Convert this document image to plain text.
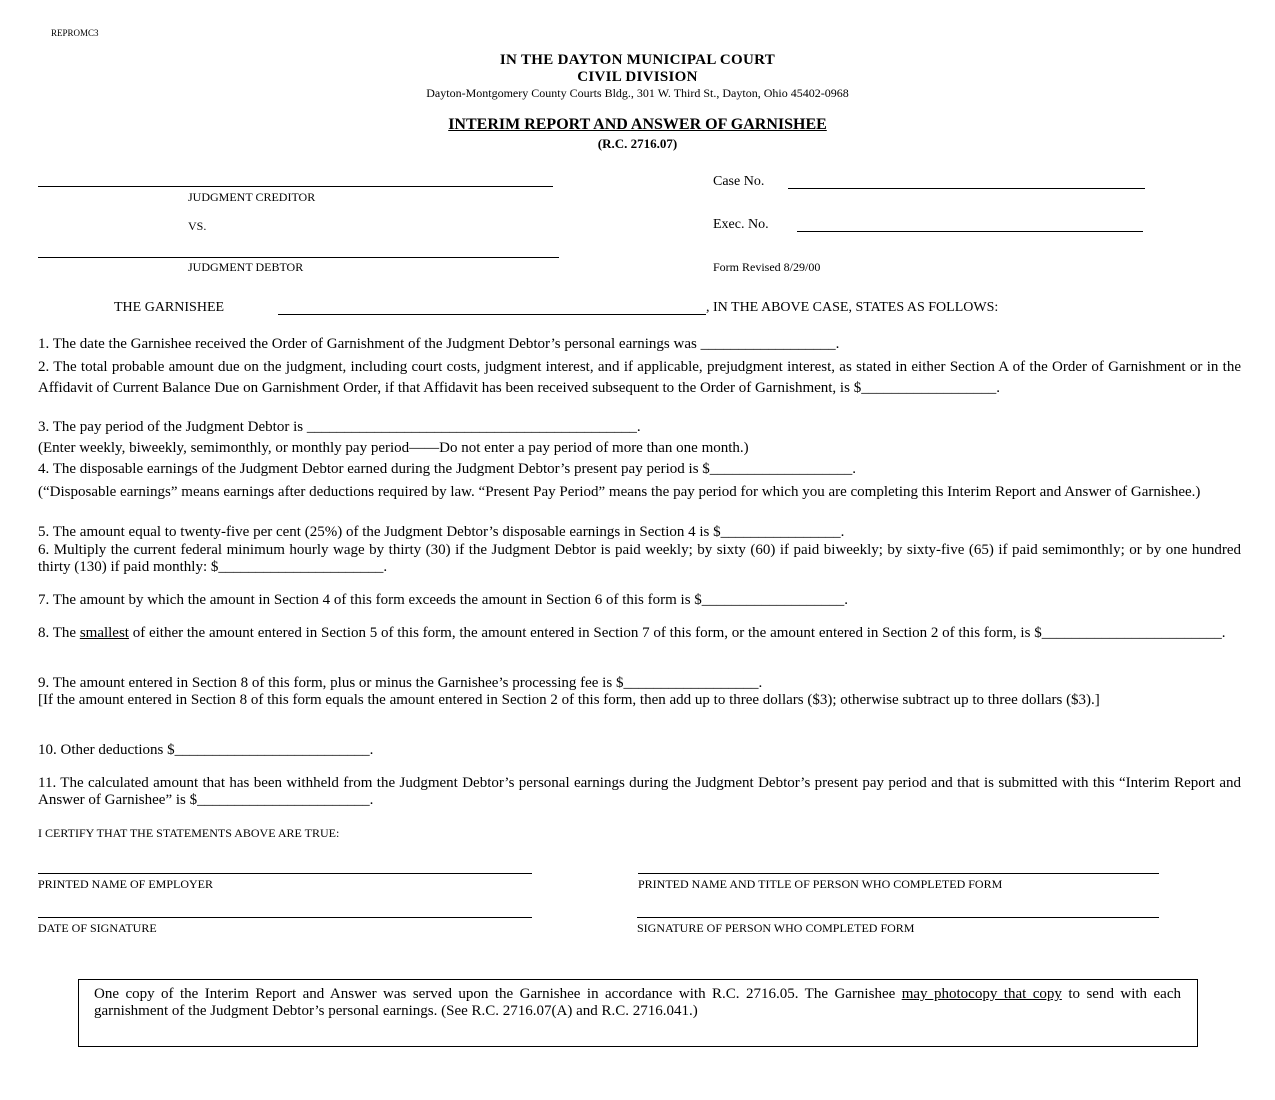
REPROMC3
IN THE DAYTON MUNICIPAL COURT
CIVIL DIVISION
Dayton-Montgomery County Courts Bldg., 301 W. Third St., Dayton, Ohio 45402-0968
INTERIM REPORT AND ANSWER OF GARNISHEE
(R.C. 2716.07)
JUDGMENT CREDITOR
VS.
JUDGMENT DEBTOR
Case No.
Exec. No.
Form Revised 8/29/00
THE GARNISHEE	, IN THE ABOVE CASE, STATES AS FOLLOWS:
1. The date the Garnishee received the Order of Garnishment of the Judgment Debtor’s personal earnings was __________________.
2. The total probable amount due on the judgment, including court costs, judgment interest, and if applicable, prejudgment interest, as stated in either Section A of the Order of Garnishment or in the Affidavit of Current Balance Due on Garnishment Order, if that Affidavit has been received subsequent to the Order of Garnishment, is $__________________.
3. The pay period of the Judgment Debtor is ____________________________________________.
(Enter weekly, biweekly, semimonthly, or monthly pay period——Do not enter a pay period of more than one month.)
4. The disposable earnings of the Judgment Debtor earned during the Judgment Debtor’s present pay period is $___________________.
(“Disposable earnings” means earnings after deductions required by law. “Present Pay Period” means the pay period for which you are completing this Interim Report and Answer of Garnishee.)
5. The amount equal to twenty-five per cent (25%) of the Judgment Debtor’s disposable earnings in Section 4 is $________________.
6. Multiply the current federal minimum hourly wage by thirty (30) if the Judgment Debtor is paid weekly; by sixty (60) if paid biweekly; by sixty-five (65) if paid semimonthly; or by one hundred thirty (130) if paid monthly: $______________________.
7. The amount by which the amount in Section 4 of this form exceeds the amount in Section 6 of this form is $___________________.
8. The smallest of either the amount entered in Section 5 of this form, the amount entered in Section 7 of this form, or the amount entered in Section 2 of this form, is $________________________.
9. The amount entered in Section 8 of this form, plus or minus the Garnishee’s processing fee is $__________________.
[If the amount entered in Section 8 of this form equals the amount entered in Section 2 of this form, then add up to three dollars ($3); otherwise subtract up to three dollars ($3).]
10. Other deductions $__________________________.
11. The calculated amount that has been withheld from the Judgment Debtor’s personal earnings during the Judgment Debtor’s present pay period and that is submitted with this “Interim Report and Answer of Garnishee” is $_______________________.
I CERTIFY THAT THE STATEMENTS ABOVE ARE TRUE:
PRINTED NAME OF EMPLOYER	PRINTED NAME AND TITLE OF PERSON WHO COMPLETED FORM
DATE OF SIGNATURE	SIGNATURE OF PERSON WHO COMPLETED FORM
One copy of the Interim Report and Answer was served upon the Garnishee in accordance with R.C. 2716.05. The Garnishee may photocopy that copy to send with each garnishment of the Judgment Debtor’s personal earnings. (See R.C. 2716.07(A) and R.C. 2716.041.)
